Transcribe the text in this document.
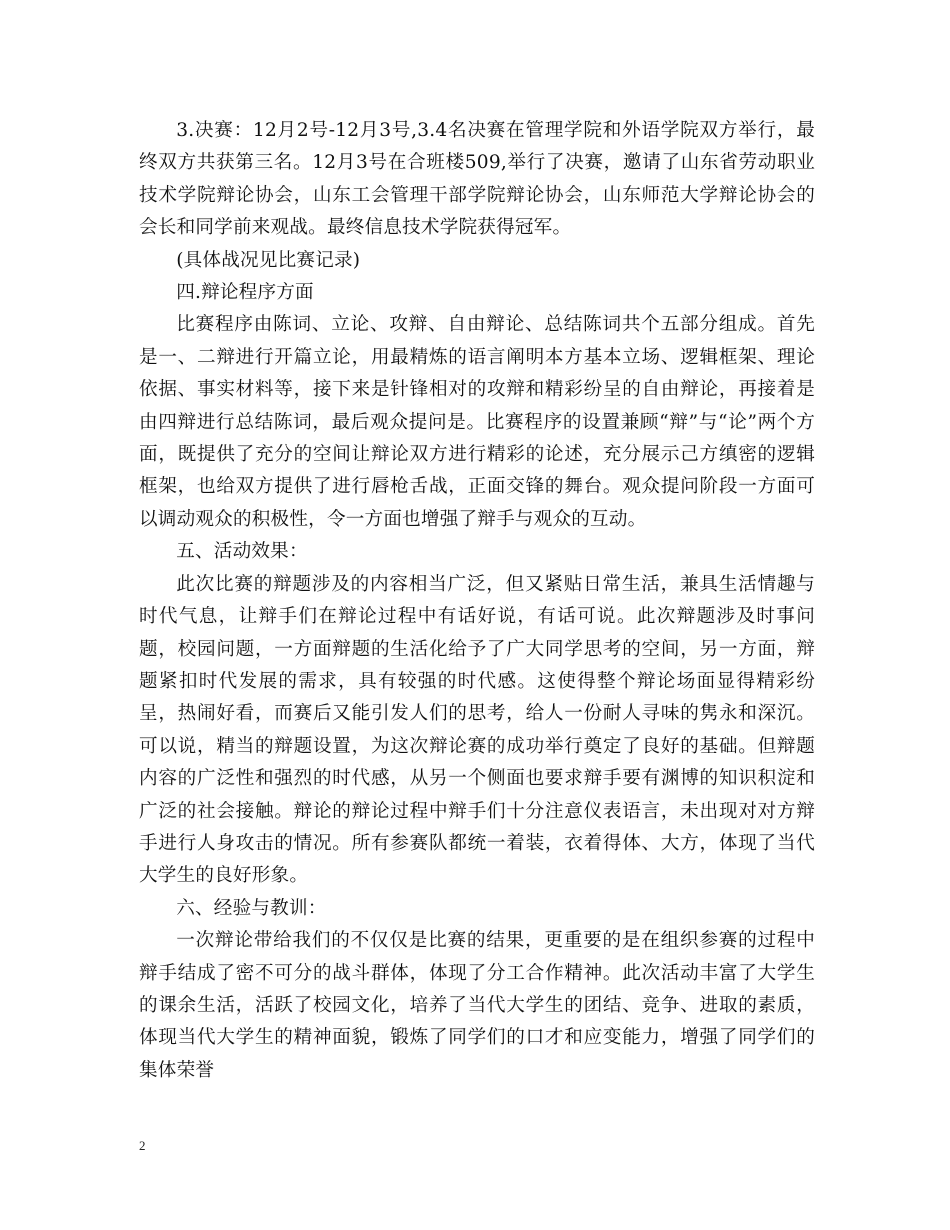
3.决赛：12月2号-12月3号,3.4名决赛在管理学院和外语学院双方举行，最终双方共获第三名。12月3号在合班楼509,举行了决赛，邀请了山东省劳动职业技术学院辩论协会，山东工会管理干部学院辩论协会，山东师范大学辩论协会的会长和同学前来观战。最终信息技术学院获得冠军。

(具体战况见比赛记录)

四.辩论程序方面

比赛程序由陈词、立论、攻辩、自由辩论、总结陈词共个五部分组成。首先是一、二辩进行开篇立论，用最精炼的语言阐明本方基本立场、逻辑框架、理论依据、事实材料等，接下来是针锋相对的攻辩和精彩纷呈的自由辩论，再接着是由四辩进行总结陈词，最后观众提问是。比赛程序的设置兼顾“辩”与“论”两个方面，既提供了充分的空间让辩论双方进行精彩的论述，充分展示己方缜密的逻辑框架，也给双方提供了进行唇枪舌战，正面交锋的舞台。观众提问阶段一方面可以调动观众的积极性，令一方面也增强了辩手与观众的互动。

五、活动效果：

此次比赛的辩题涉及的内容相当广泛，但又紧贴日常生活，兼具生活情趣与时代气息，让辩手们在辩论过程中有话好说，有话可说。此次辩题涉及时事问题，校园问题，一方面辩题的生活化给予了广大同学思考的空间，另一方面，辩题紧扣时代发展的需求，具有较强的时代感。这使得整个辩论场面显得精彩纷呈，热闹好看，而赛后又能引发人们的思考，给人一份耐人寻味的隽永和深沉。可以说，精当的辩题设置，为这次辩论赛的成功举行奠定了良好的基础。但辩题内容的广泛性和强烈的时代感，从另一个侧面也要求辩手要有渊博的知识积淀和广泛的社会接触。辩论的辩论过程中辩手们十分注意仪表语言，未出现对对方辩手进行人身攻击的情况。所有参赛队都统一着装，衣着得体、大方，体现了当代大学生的良好形象。

六、经验与教训：

一次辩论带给我们的不仅仅是比赛的结果，更重要的是在组织参赛的过程中辩手结成了密不可分的战斗群体，体现了分工合作精神。此次活动丰富了大学生的课余生活，活跃了校园文化，培养了当代大学生的团结、竞争、进取的素质，体现当代大学生的精神面貌，锻炼了同学们的口才和应变能力，增强了同学们的集体荣誉

2
